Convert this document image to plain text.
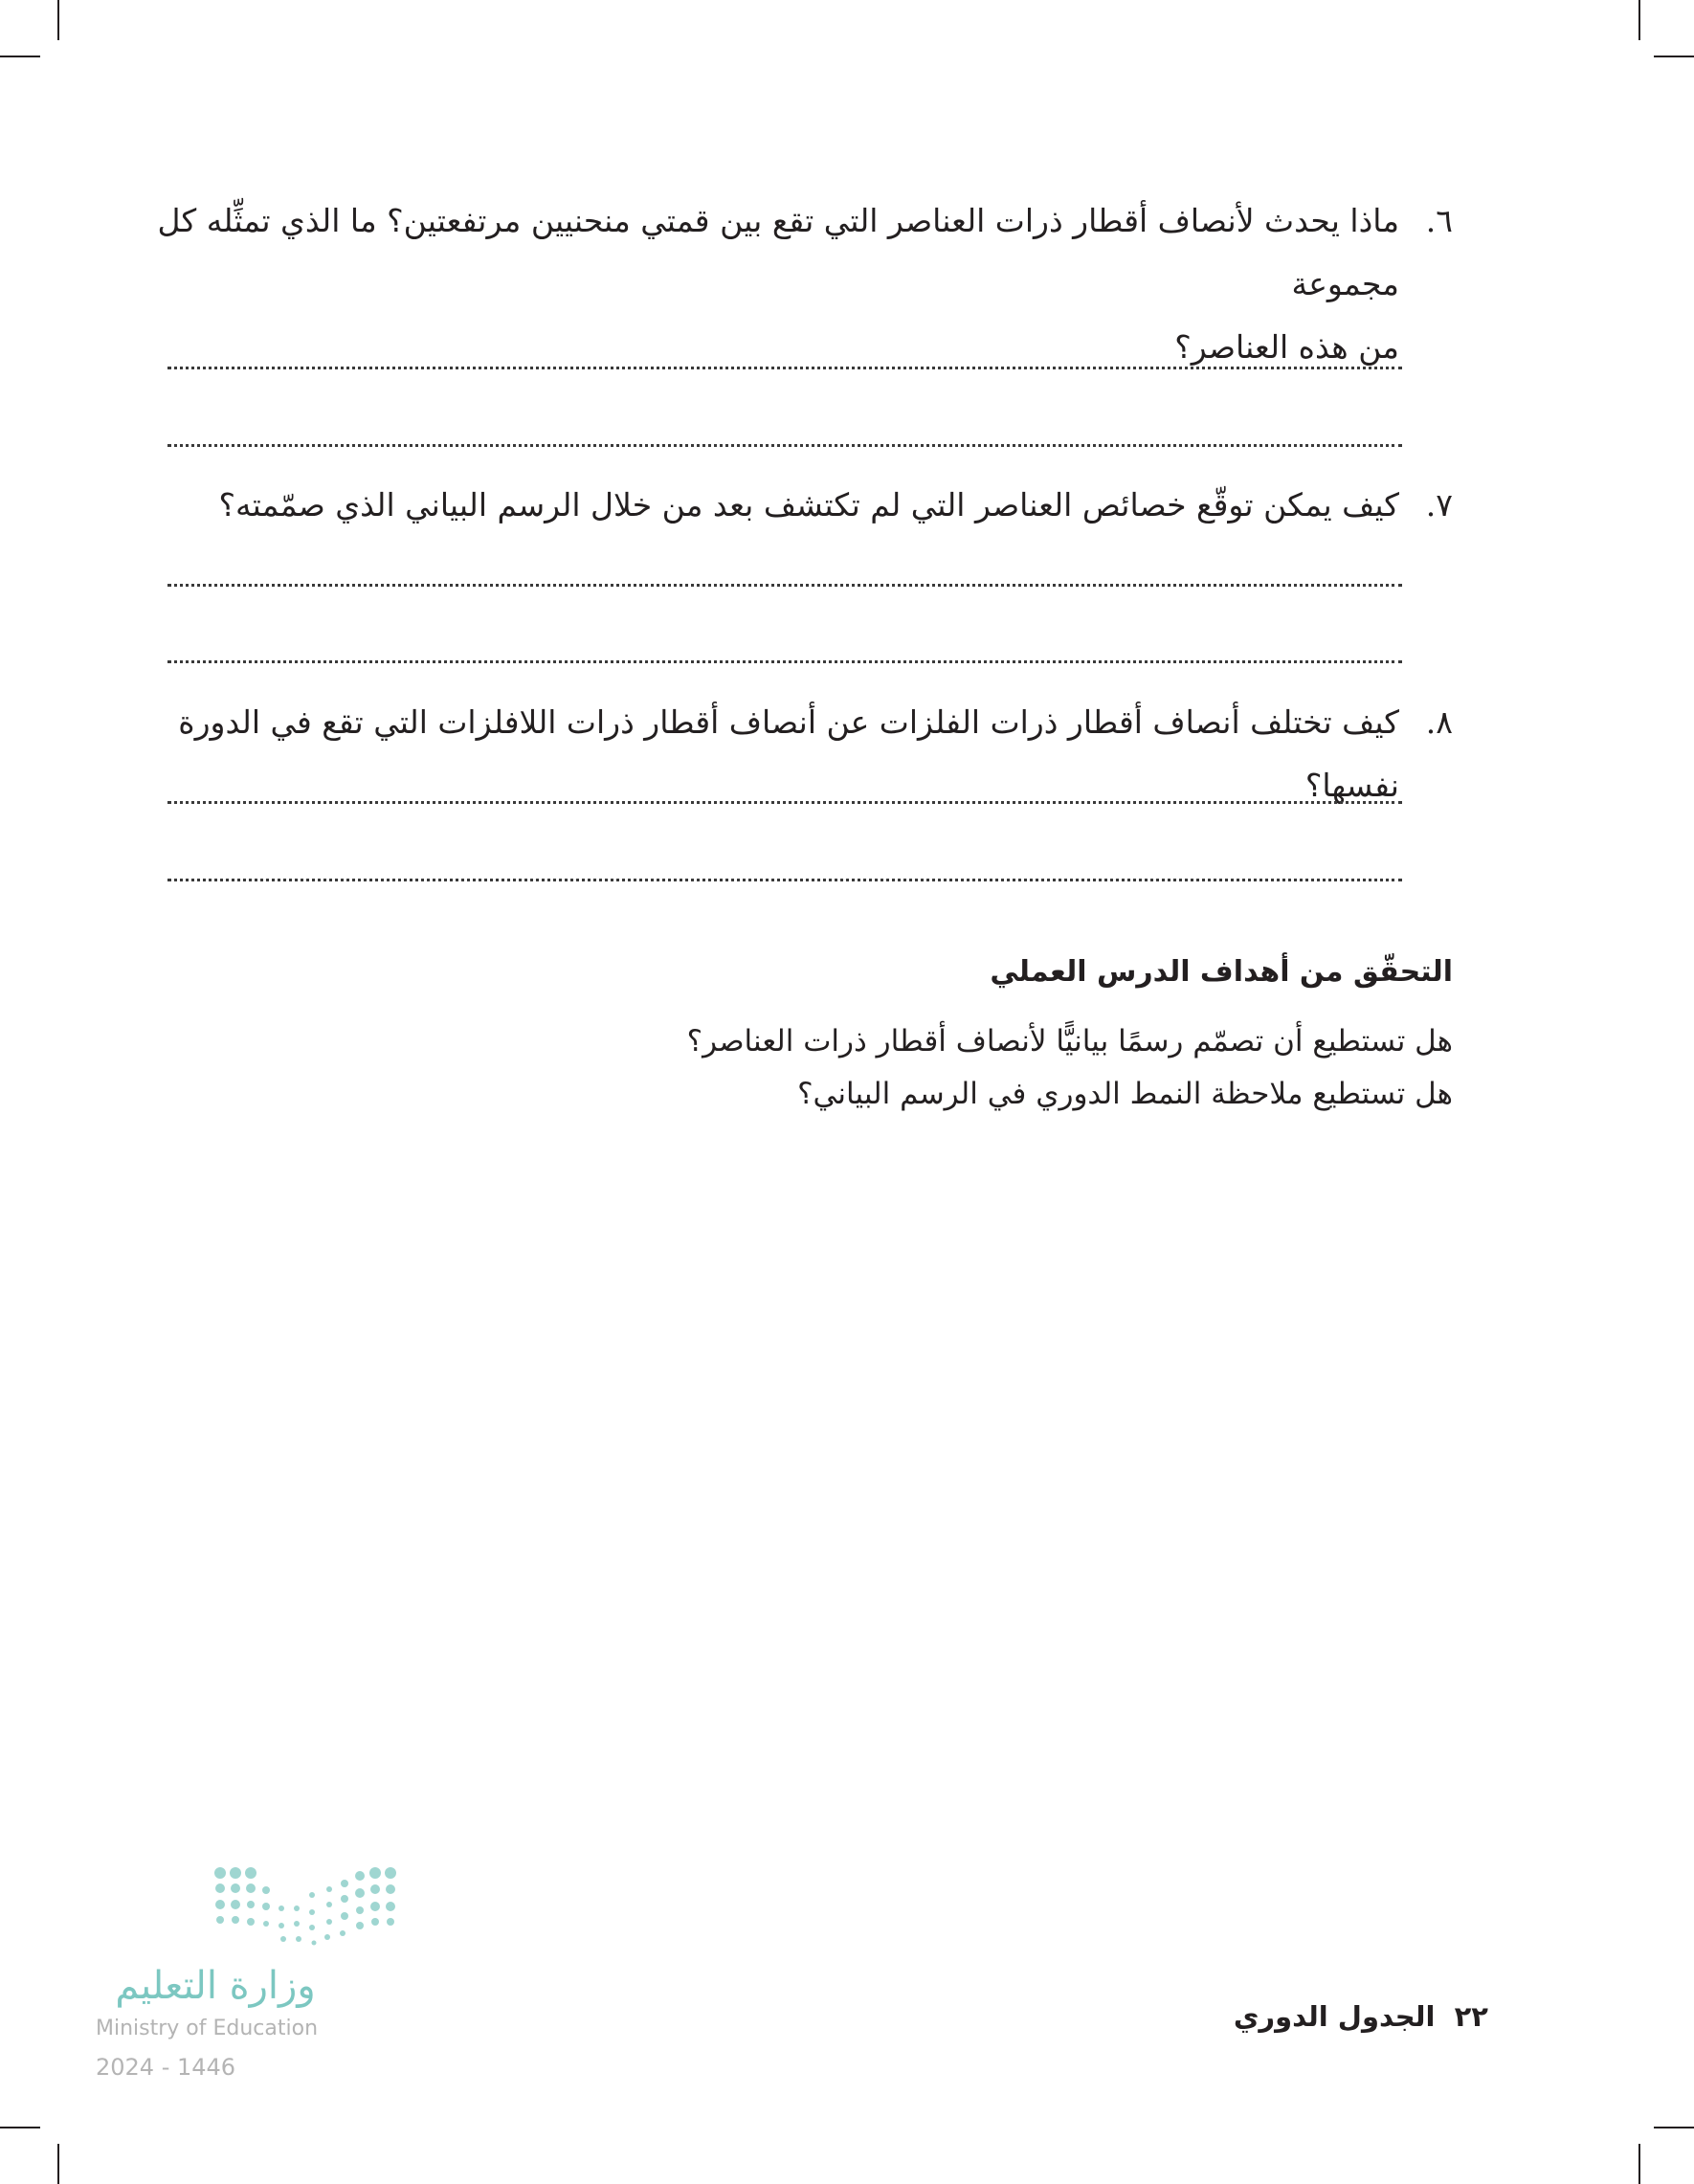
٦.
ماذا يحدث لأنصاف أقطار ذرات العناصر التي تقع بين قمتي منحنيين مرتفعتين؟ ما الذي تمثِّله كل مجموعة
من هذه العناصر؟
٧.
كيف يمكن توقّع خصائص العناصر التي لم تكتشف بعد من خلال الرسم البياني الذي صمّمته؟
٨.
كيف تختلف أنصاف أقطار ذرات الفلزات عن أنصاف أقطار ذرات اللافلزات التي تقع في الدورة نفسها؟
التحقّق من أهداف الدرس العملي
هل تستطيع أن تصمّم رسمًا بيانيًّا لأنصاف أقطار ذرات العناصر؟
هل تستطيع ملاحظة النمط الدوري في الرسم البياني؟
وزارة التعليم
Ministry of Education
2024 - 1446
٢٢ الجدول الدوري
